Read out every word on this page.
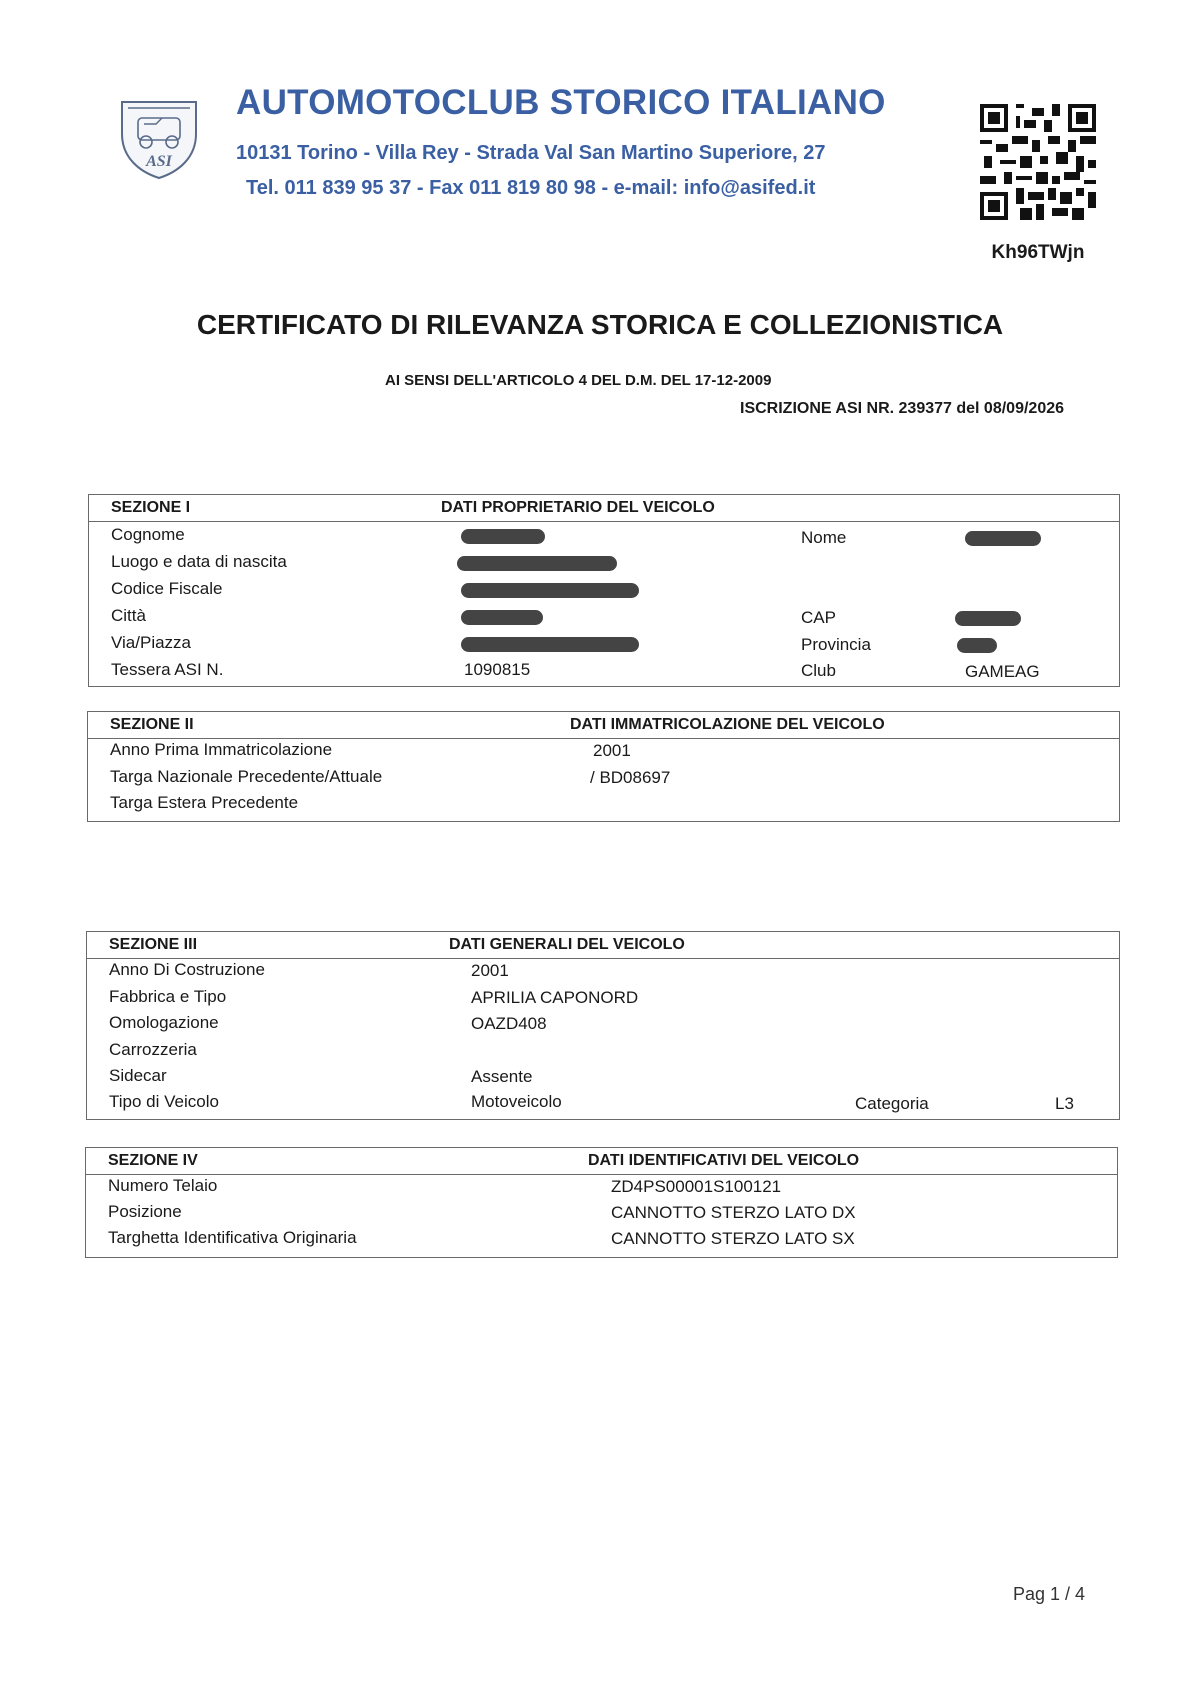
ASI
AUTOMOTOCLUB STORICO ITALIANO
10131 Torino - Villa Rey - Strada Val San Martino Superiore, 27
Tel. 011 839 95 37 - Fax 011 819 80 98 - e-mail: info@asifed.it
Kh96TWjn
CERTIFICATO DI RILEVANZA STORICA E COLLEZIONISTICA
AI SENSI DELL'ARTICOLO 4 DEL D.M. DEL 17-12-2009
ISCRIZIONE ASI NR. 239377 del 08/09/2026
SEZIONE I	DATI PROPRIETARIO DEL VEICOLO
Cognome	Nome
Luogo e data di nascita
Codice Fiscale
Città	CAP
Via/Piazza	Provincia
Tessera ASI N.	1090815	Club	GAMEAG
SEZIONE II	DATI IMMATRICOLAZIONE DEL VEICOLO
Anno Prima Immatricolazione	2001
Targa Nazionale Precedente/Attuale	/ BD08697
Targa Estera Precedente
SEZIONE III	DATI GENERALI DEL VEICOLO
Anno Di Costruzione	2001
Fabbrica e Tipo	APRILIA CAPONORD
Omologazione	OAZD408
Carrozzeria
Sidecar	Assente
Tipo di Veicolo	Motoveicolo	Categoria	L3
SEZIONE IV	DATI IDENTIFICATIVI DEL VEICOLO
Numero Telaio	ZD4PS00001S100121
Posizione	CANNOTTO STERZO LATO DX
Targhetta Identificativa Originaria	CANNOTTO STERZO LATO SX
Pag 1 / 4
